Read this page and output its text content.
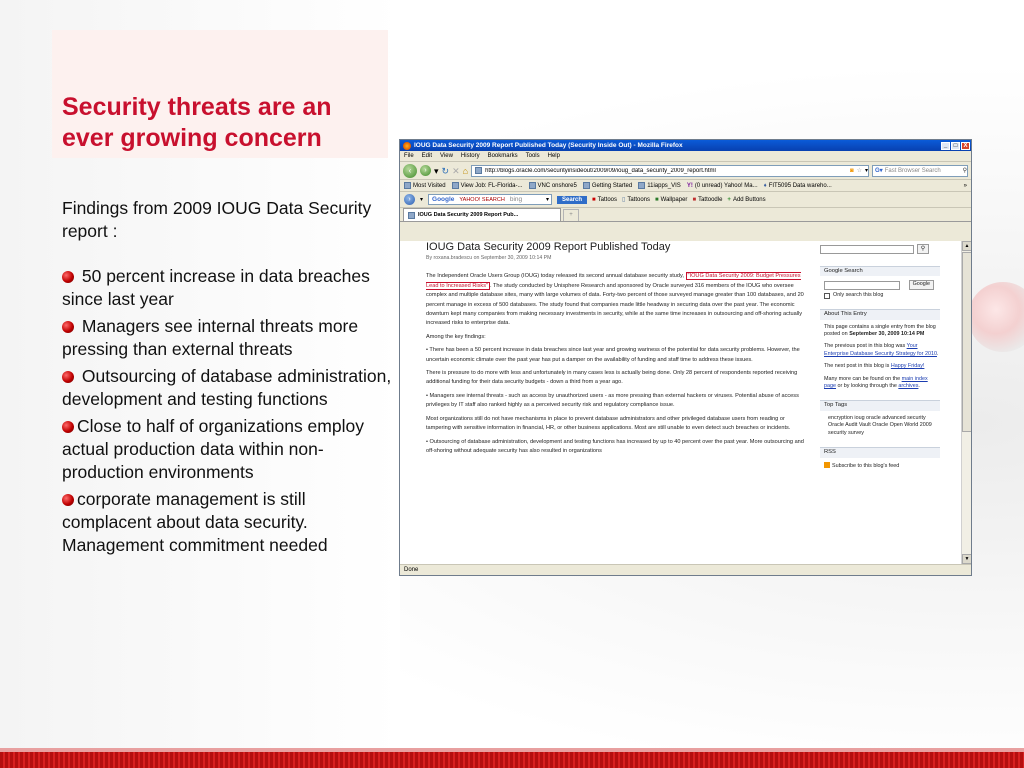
Security threats are an ever growing concern
Findings from 2009 IOUG Data Security report :
50 percent increase in data breaches since last year
Managers see internal threats more pressing than external threats
Outsourcing of database administration, development and testing functions
Close to half of organizations employ actual production data within non-production environments
corporate management is still complacent about data security. Management commitment needed
IOUG Data Security 2009 Report Published Today (Security Inside Out) - Mozilla Firefox	_	□	X
File Edit View History Bookmarks Tools Help
‹	› ▾ ↻ ✕ ⌂	http://blogs.oracle.com/securityinsideout/2009/09/ioug_data_security_2009_report.html	◙ ☆ ▾ G▾ Fast Browser Search	⚲
Most Visited	View Job: FL-Florida-...	VNC onshore5	Getting Started	11iapps_VIS Y! (0 unread) Yahoo! Ma... ♦ FIT5095 Data wareho...	»
›	▾ Google YAHOO! SEARCH bing	▾	Search	■ Tattoos ▯ Tattoons ■ Wallpaper ■ Tattoodle + Add Buttons
IOUG Data Security 2009 Report Pub...	+
IOUG Data Security 2009 Report Published Today
By roxana.bradescu on September 30, 2009 10:14 PM
The Independent Oracle Users Group (IOUG) today released its second annual database security study, "IOUG Data Security 2009: Budget Pressures Lead to Increased Risks" . The study conducted by Unisphere Research and sponsored by Oracle surveyed 316 members of the IOUG who oversee complex and multiple database sites, many with large volumes of data. Forty-two percent of those surveyed manage greater than 100 databases, and 20 percent manage in excess of 500 databases. The study found that companies made little headway in securing data over the past year. The economic downturn kept many companies from making necessary investments in security, while at the same time increases in outsourcing and off-shoring actually increased risks to enterprise data.
Among the key findings:
• There has been a 50 percent increase in data breaches since last year and growing wariness of the potential for data security problems. However, the uncertain economic climate over the past year has put a damper on the availability of funding and staff time to address these issues.
There is pressure to do more with less and unfortunately in many cases less is actually being done. Only 28 percent of respondents reported receiving additional funding for their data security budgets - down a third from a year ago.
• Managers see internal threats - such as access by unauthorized users - as more pressing than external hackers or viruses. Potential abuse of access privileges by IT staff also ranked highly as a perceived security risk and regulatory compliance issue.
Most organizations still do not have mechanisms in place to prevent database administrators and other privileged database users from reading or tampering with sensitive information in financial, HR, or other business applications. Most are still unable to even detect such breaches or incidents.
• Outsourcing of database administration, development and testing functions has increased by up to 40 percent over the past year. More outsourcing and off-shoring without adequate security has also resulted in organizations
⚲
Google Search
Google
Only search this blog
About This Entry
This page contains a single entry from the blog posted on September 30, 2009 10:14 PM
The previous post in this blog was Your Enterprise Database Security Strategy for 2010.
The next post in this blog is Happy Friday!
Many more can be found on the main index page or by looking through the archives.
Top Tags
encryption ioug oracle advanced security Oracle Audit Vault Oracle Open World 2009 security survey
RSS
Subscribe to this blog's feed
▲
▼
Done
